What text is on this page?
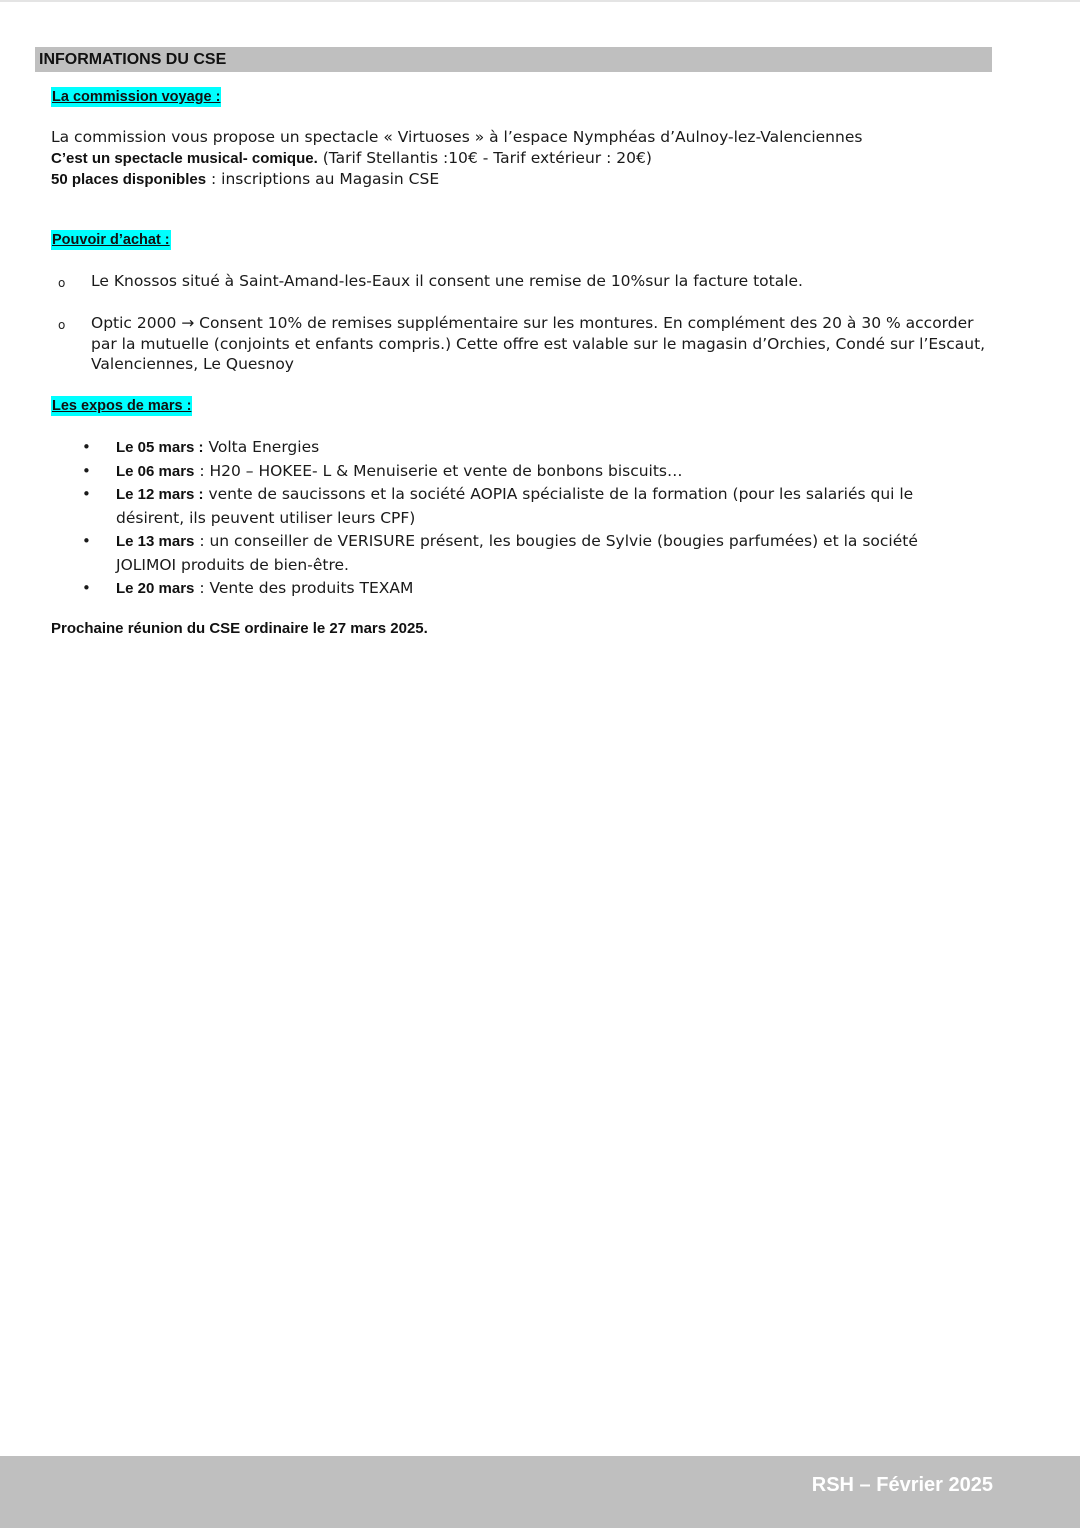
INFORMATIONS DU CSE
La commission voyage :
La commission vous propose un spectacle « Virtuoses » à l’espace Nymphéas d’Aulnoy-lez-Valenciennes
C’est un spectacle musical- comique. (Tarif Stellantis :10€ - Tarif extérieur : 20€)
50 places disponibles : inscriptions au Magasin CSE
Pouvoir d’achat :
o Le Knossos situé à Saint-Amand-les-Eaux il consent une remise de 10%sur la facture totale.
o Optic 2000 → Consent 10% de remises supplémentaire sur les montures. En complément des 20 à 30 % accorder par la mutuelle (conjoints et enfants compris.) Cette offre est valable sur le magasin d’Orchies, Condé sur l’Escaut, Valenciennes, Le Quesnoy
Les expos de mars :
• Le 05 mars : Volta Energies
• Le 06 mars : H20 – HOKEE- L & Menuiserie et vente de bonbons biscuits…
• Le 12 mars : vente de saucissons et la société AOPIA spécialiste de la formation (pour les salariés qui le désirent, ils peuvent utiliser leurs CPF)
• Le 13 mars : un conseiller de VERISURE présent, les bougies de Sylvie (bougies parfumées) et la société JOLIMOI produits de bien-être.
• Le 20 mars : Vente des produits TEXAM
Prochaine réunion du CSE ordinaire le 27 mars 2025.
RSH – Février 2025
